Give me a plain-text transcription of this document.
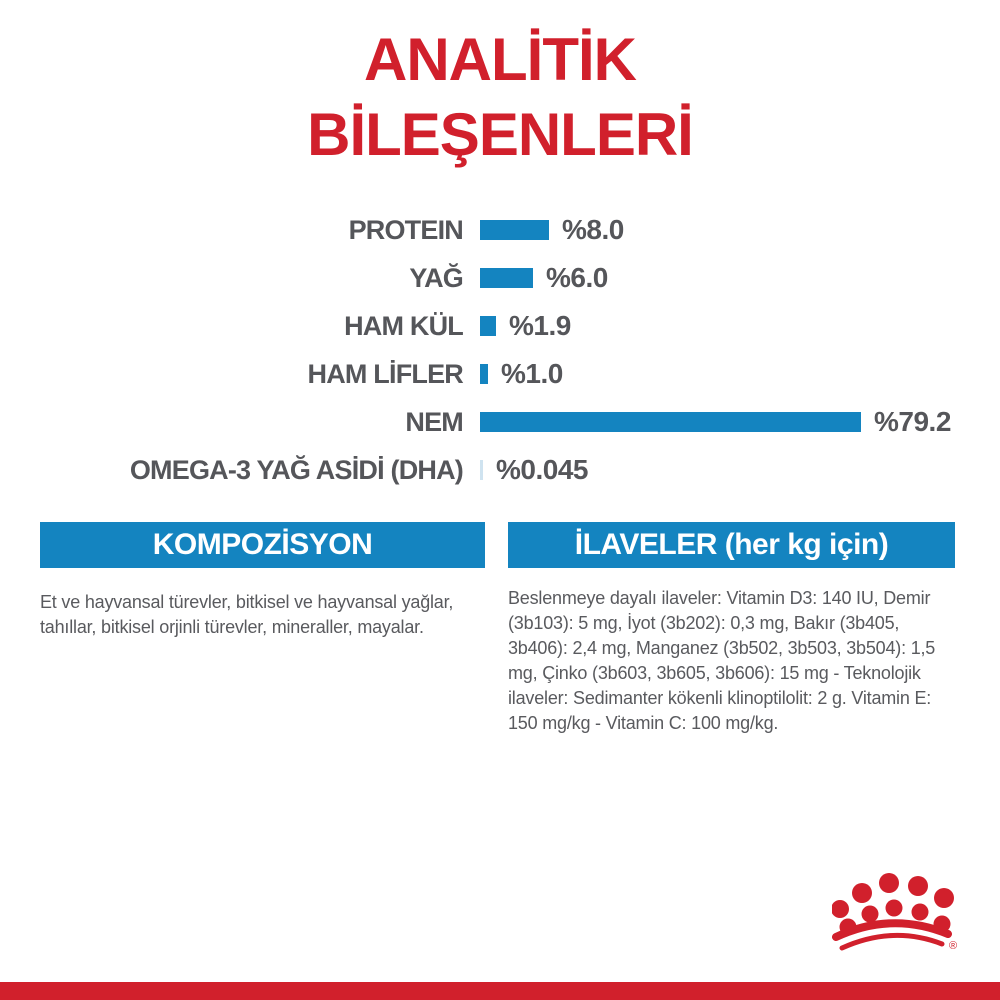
ANALİTİK
BİLEŞENLERİ
PROTEIN	%8.0
YAĞ	%6.0
HAM KÜL	%1.9
HAM LİFLER	%1.0
NEM	%79.2
OMEGA-3 YAĞ ASİDİ (DHA)	%0.045
KOMPOZİSYON	İLAVELER (her kg için)
Et ve hayvansal türevler, bitkisel ve hayvansal yağlar, tahıllar, bitkisel orjinli türevler, mineraller, mayalar.
Beslenmeye dayalı ilaveler: Vitamin D3: 140 IU, Demir (3b103): 5 mg, İyot (3b202): 0,3 mg, Bakır (3b405, 3b406): 2,4 mg, Manganez (3b502, 3b503, 3b504): 1,5 mg, Çinko (3b603, 3b605, 3b606): 15 mg - Teknolojik ilaveler: Sedimanter kökenli klinoptilolit: 2 g. Vitamin E: 150 mg/kg - Vitamin C: 100 mg/kg.
®
